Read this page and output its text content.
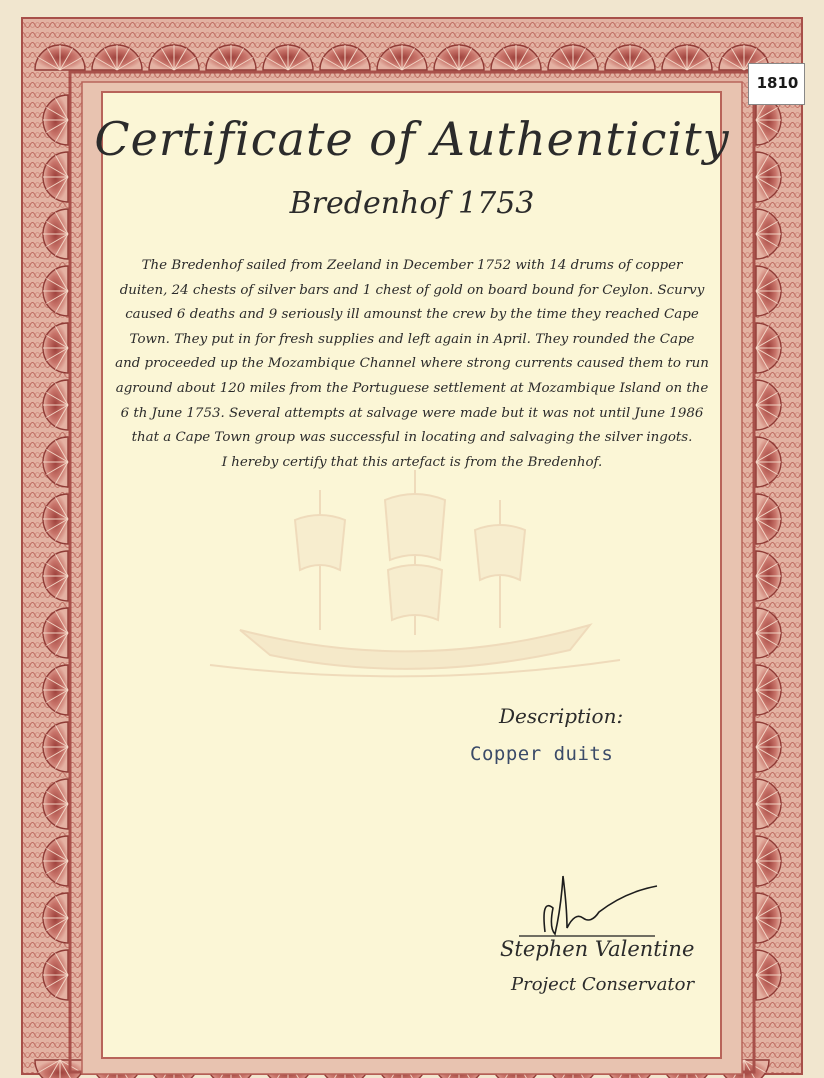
Certificate of Authenticity
Bredenhof 1753
The Bredenhof sailed from Zeeland in December 1752 with 14 drums of copper
duiten, 24 chests of silver bars and 1 chest of gold on board bound for Ceylon. Scurvy
caused 6 deaths and 9 seriously ill amounst the crew by the time they reached Cape
Town. They put in for fresh supplies and left again in April. They rounded the Cape
and proceeded up the Mozambique Channel where strong currents caused them to run
aground about 120 miles from the Portuguese settlement at Mozambique Island on the
6 th June 1753. Several attempts at salvage were made but it was not until June 1986
that a Cape Town group was successful in locating and salvaging the silver ingots.
I hereby certify that this artefact is from the Bredenhof.
Description:
Copper duits
Stephen Valentine
Project Conservator
1810
